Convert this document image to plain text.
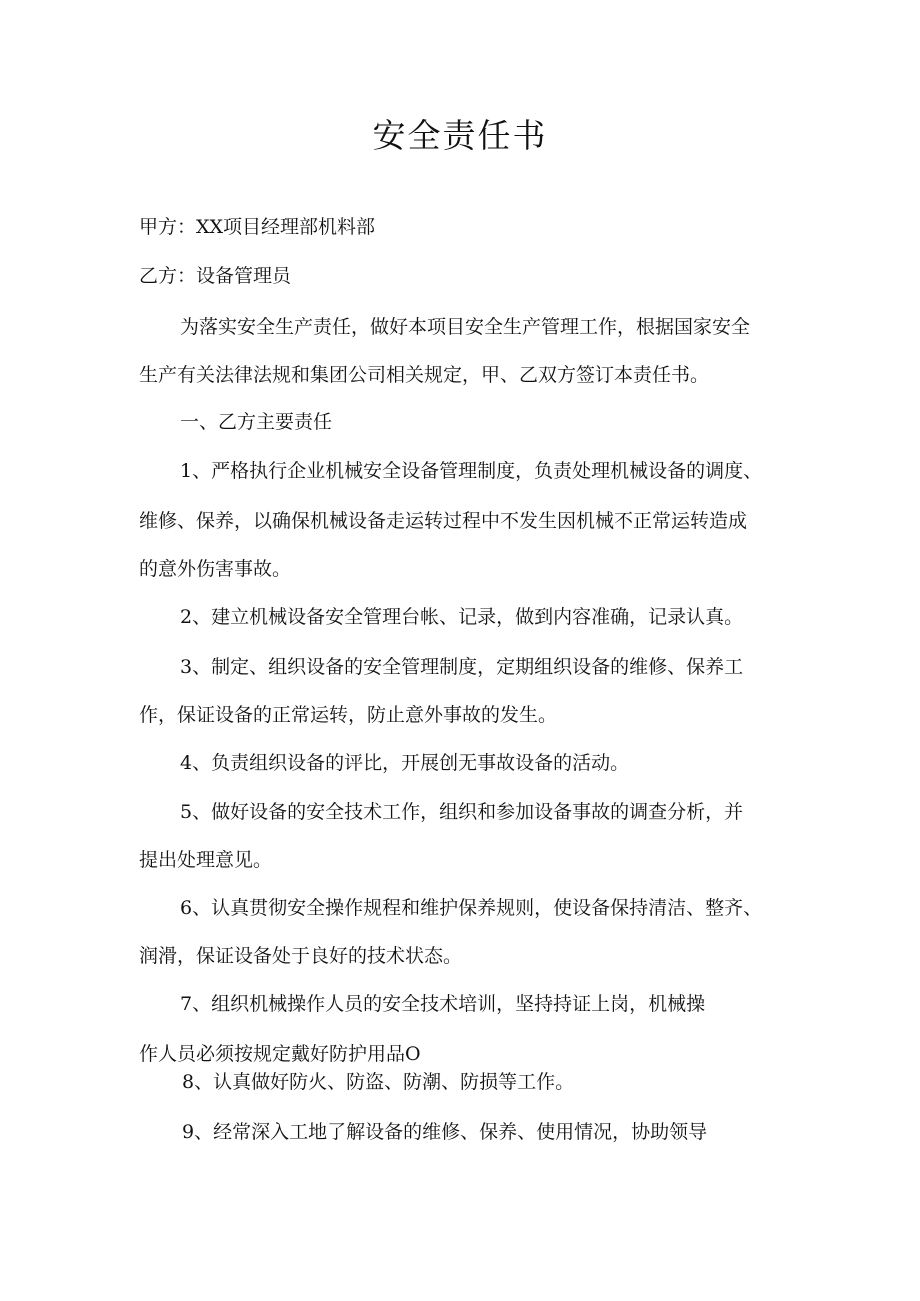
安全责任书

甲方：XX项目经理部机料部

乙方：设备管理员

为落实安全生产责任，做好本项目安全生产管理工作，根据国家安全

生产有关法律法规和集团公司相关规定，甲、乙双方签订本责任书。

一、乙方主要责任

1、严格执行企业机械安全设备管理制度，负责处理机械设备的调度、

维修、保养，以确保机械设备走运转过程中不发生因机械不正常运转造成

的意外伤害事故。

2、建立机械设备安全管理台帐、记录，做到内容准确，记录认真。

3、制定、组织设备的安全管理制度，定期组织设备的维修、保养工

作，保证设备的正常运转，防止意外事故的发生。

4、负责组织设备的评比，开展创无事故设备的活动。

5、做好设备的安全技术工作，组织和参加设备事故的调查分析，并

提出处理意见。

6、认真贯彻安全操作规程和维护保养规则，使设备保持清洁、整齐、

润滑，保证设备处于良好的技术状态。

7、组织机械操作人员的安全技术培训，坚持持证上岗，机械操

作人员必须按规定戴好防护用品O

8、认真做好防火、防盗、防潮、防损等工作。

9、经常深入工地了解设备的维修、保养、使用情况，协助领导
